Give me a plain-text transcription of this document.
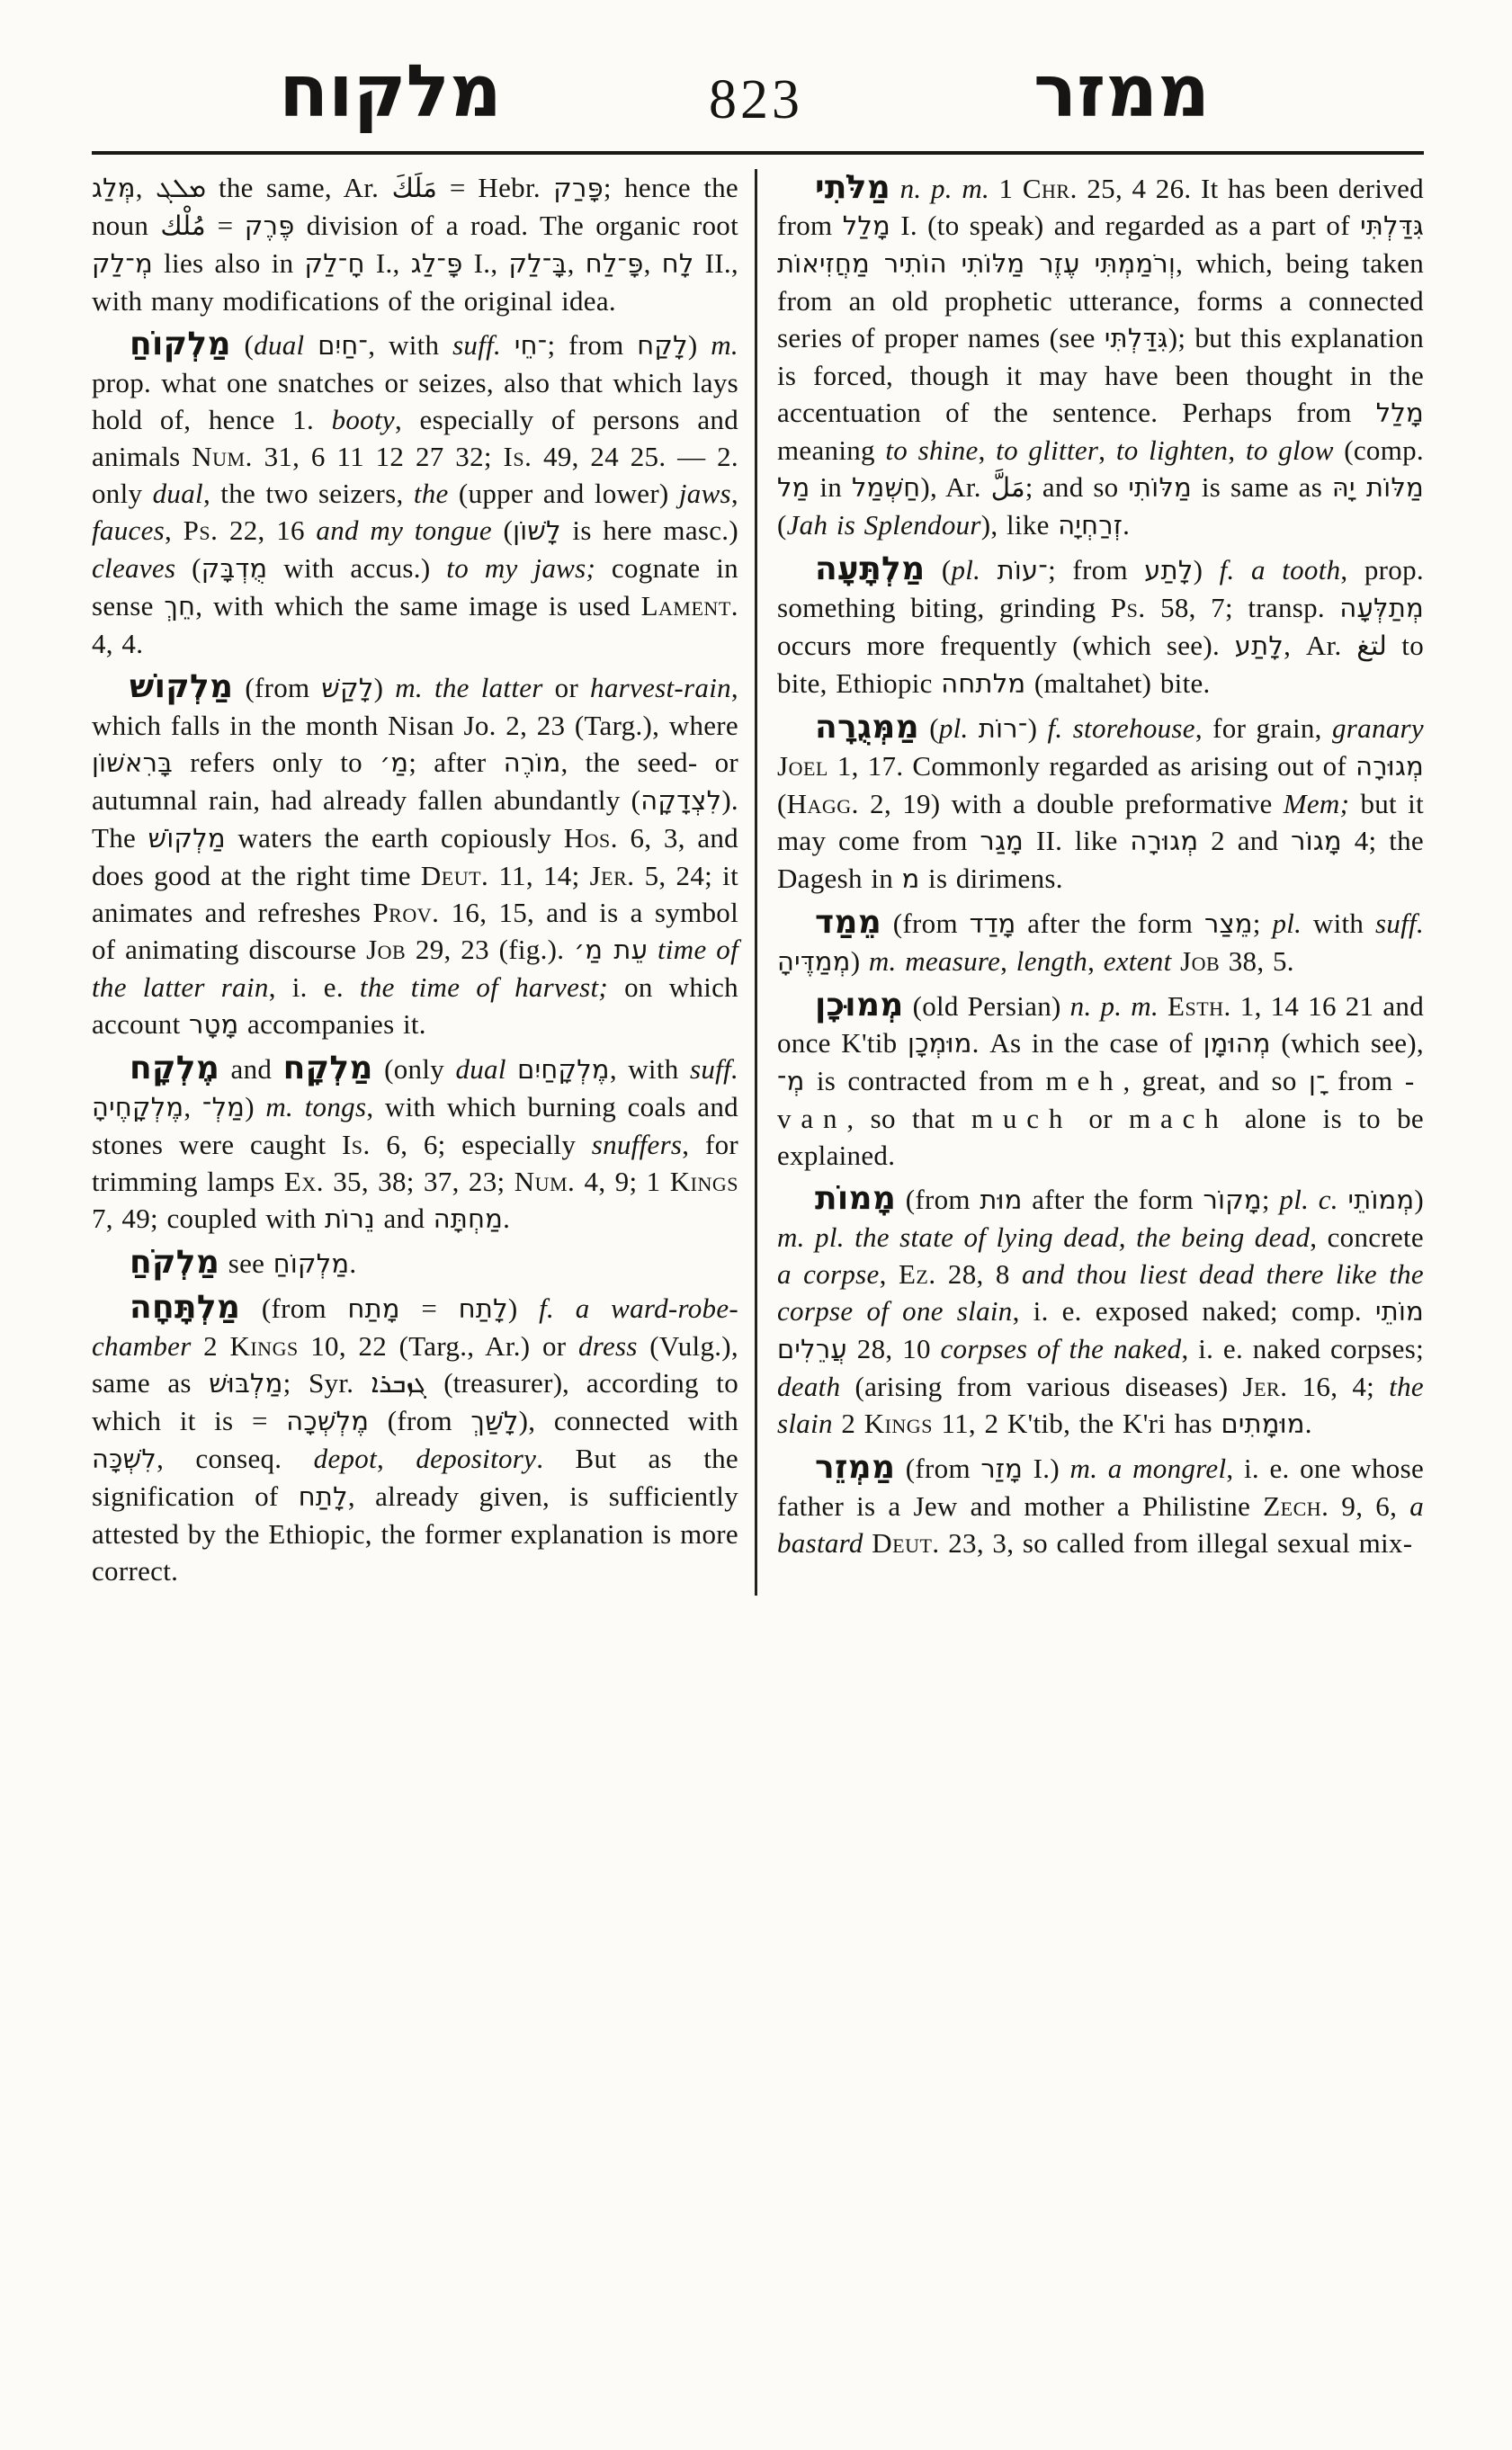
מלקוח	823	ממזר

מְּלַג, ܡܠܓ the same, Ar. مَلَكَ = Hebr. פָּרַק; hence the noun مُلْك = פֶּרֶק division of a road. The organic root מְ־לַק lies also in חָ־לַק I., פָּ־לַג I., בָּ־לַק, פָּ־לַח, לָח II., with many modifications of the original idea.

מַלְקוֹחַ (dual ־חַיִם, with suff. ־חֵי; from לָקַח) m. prop. what one snatches or seizes, also that which lays hold of, hence 1. booty, especially of persons and animals Num. 31, 6 11 12 27 32; Is. 49, 24 25. — 2. only dual, the two seizers, the (upper and lower) jaws, fauces, Ps. 22, 16 and my tongue (לָשׁוֹן is here masc.) cleaves (מֻדְבָּק with accus.) to my jaws; cognate in sense חֵךְ, with which the same image is used Lament. 4, 4.

מַלְקוֹשׁ (from לָקַשׁ) m. the latter or harvest-rain, which falls in the month Nisan Jo. 2, 23 (Targ.), where בָּרִאשׁוֹן refers only to מַ׳; after מוֹרֶה, the seed- or autumnal rain, had already fallen abundantly (לִצְדָקָה). The מַלְקוֹשׁ waters the earth copiously Hos. 6, 3, and does good at the right time Deut. 11, 14; Jer. 5, 24; it animates and refreshes Prov. 16, 15, and is a symbol of animating discourse Job 29, 23 (fig.). עֵת מַ׳ time of the latter rain, i. e. the time of harvest; on which account מָטָר accompanies it.

מֶלְקָח and מַלְקָח (only dual מֶלְקָחַיִם, with suff. מֶלְקָחֶיהָ, מַלְ־) m. tongs, with which burning coals and stones were caught Is. 6, 6; especially snuffers, for trimming lamps Ex. 35, 38; 37, 23; Num. 4, 9; 1 Kings 7, 49; coupled with נֵרוֹת and מַחְתָּה.

מַלְקֹחַ see מַלְקוֹחַ.

מַלְתָּחָה (from מָתַח = לָתַח) f. a ward-robe-chamber 2 Kings 10, 22 (Targ., Ar.) or dress (Vulg.), same as מַלְבּוּשׁ; Syr. ܓܙܒܪܐ (treasurer), according to which it is = מֶלְשְׁכָה (from לָשַׁךְ), connected with לִשְׁכָּה, conseq. depot, depository. But as the signification of לָתַח, already given, is sufficiently attested by the Ethiopic, the former explanation is more correct.

מַלֹּתִי n. p. m. 1 Chr. 25, 4 26. It has been derived from מָלַל I. (to speak) and regarded as a part of גִּדַּלְתִּי וְרֹמַמְתִּי עֶזֶר מַלּוֹתִי הוֹתִיר מַחֲזִיאוֹת, which, being taken from an old prophetic utterance, forms a connected series of proper names (see גִּדַּלְתִּי); but this explanation is forced, though it may have been thought in the accentuation of the sentence. Perhaps from מָלַל meaning to shine, to glitter, to lighten, to glow (comp. מַל in חַשְׁמַל), Ar. مَلَّ; and so מַלּוֹתִי is same as מַלּוֹת יָהּ (Jah is Splendour), like זְרַחְיָה.

מַלְתָּעָה (pl. ־עוֹת; from לָתַע) f. a tooth, prop. something biting, grinding Ps. 58, 7; transp. מְתַלְּעָה occurs more frequently (which see). לָתַע, Ar. لتغ to bite, Ethiopic מלתחה (maltahet) bite.

מַמְּגֻרָה (pl. ־רוֹת) f. storehouse, for grain, granary Joel 1, 17. Commonly regarded as arising out of מְגוּרָה (Hagg. 2, 19) with a double preformative Mem; but it may come from מָגַר II. like מְגוּרָה 2 and מָגוֹר 4; the Dagesh in מ is dirimens.

מֵמַד (from מָדַד after the form מֵצַר; pl. with suff. מְמַדֶּיהָ) m. measure, length, extent Job 38, 5.

מְמוּכָן (old Persian) n. p. m. Esth. 1, 14 16 21 and once K'tib מוּמְכָן. As in the case of מְהוּמָן (which see), מְ־ is contracted from meh, great, and so ־ָן from -van, so that much or mach alone is to be explained.

מָמוֹת (from מוּת after the form מָקוֹר; pl. c. מְמוֹתֵי) m. pl. the state of lying dead, the being dead, concrete a corpse, Ez. 28, 8 and thou liest dead there like the corpse of one slain, i. e. exposed naked; comp. מוֹתֵי עֲרֵלִים 28, 10 corpses of the naked, i. e. naked corpses; death (arising from various diseases) Jer. 16, 4; the slain 2 Kings 11, 2 K'tib, the K'ri has מוּמָתִים.

מַמְזֵר (from מָזַר I.) m. a mongrel, i. e. one whose father is a Jew and mother a Philistine Zech. 9, 6, a bastard Deut. 23, 3, so called from illegal sexual mix-
